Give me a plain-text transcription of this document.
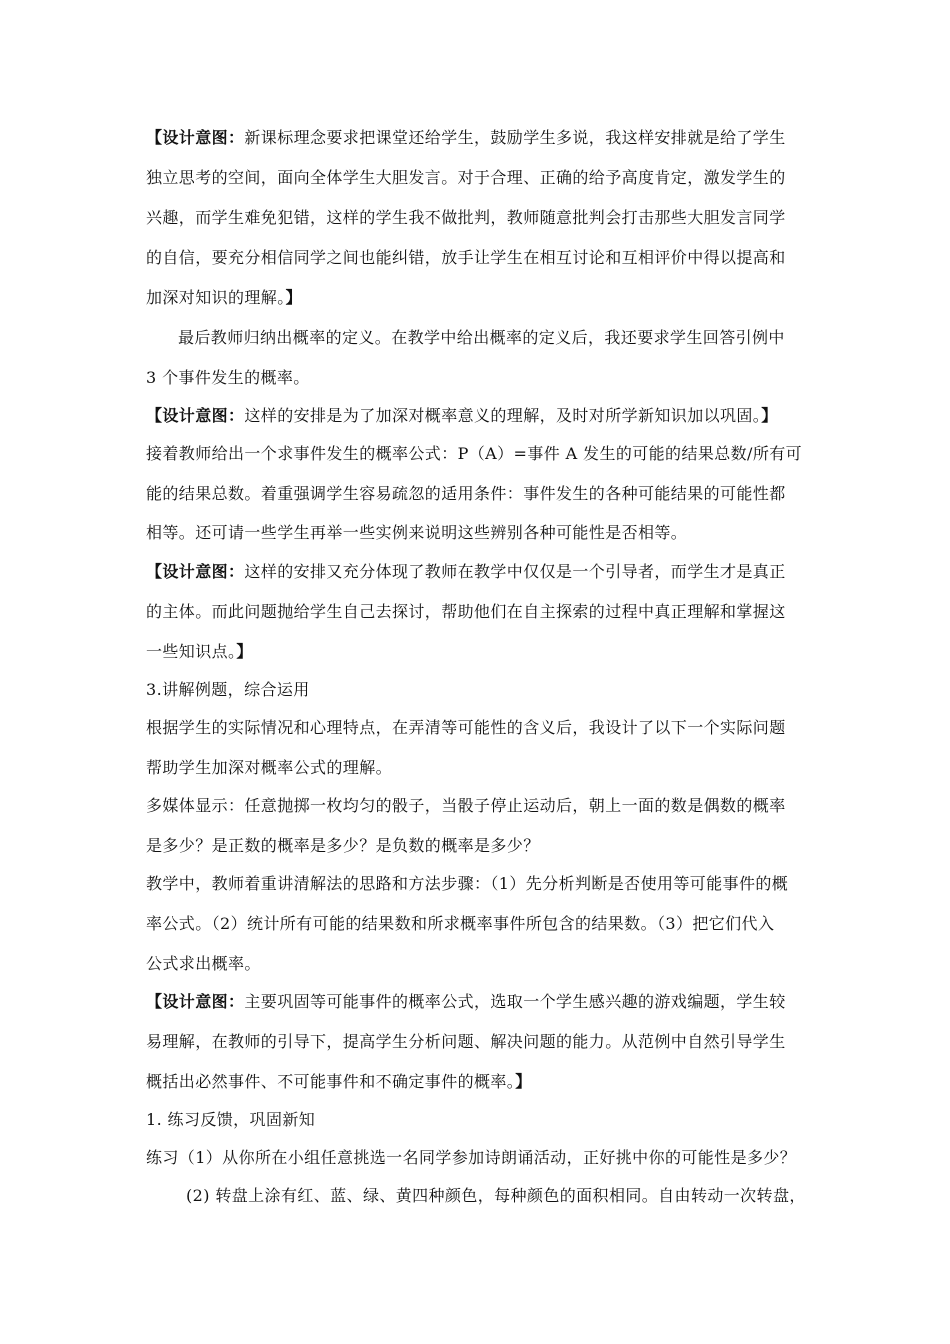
【设计意图：新课标理念要求把课堂还给学生，鼓励学生多说，我这样安排就是给了学生
独立思考的空间，面向全体学生大胆发言。对于合理、正确的给予高度肯定，激发学生的
兴趣，而学生难免犯错，这样的学生我不做批判，教师随意批判会打击那些大胆发言同学
的自信，要充分相信同学之间也能纠错，放手让学生在相互讨论和互相评价中得以提高和
加深对知识的理解。】
最后教师归纳出概率的定义。在教学中给出概率的定义后，我还要求学生回答引例中
3 个事件发生的概率。
【设计意图：这样的安排是为了加深对概率意义的理解，及时对所学新知识加以巩固。】
接着教师给出一个求事件发生的概率公式：P（A）=事件 A 发生的可能的结果总数/所有可
能的结果总数。着重强调学生容易疏忽的适用条件：事件发生的各种可能结果的可能性都
相等。还可请一些学生再举一些实例来说明这些辨别各种可能性是否相等。
【设计意图：这样的安排又充分体现了教师在教学中仅仅是一个引导者，而学生才是真正
的主体。而此问题抛给学生自己去探讨，帮助他们在自主探索的过程中真正理解和掌握这
一些知识点。】
3.讲解例题，综合运用
根据学生的实际情况和心理特点，在弄清等可能性的含义后，我设计了以下一个实际问题
帮助学生加深对概率公式的理解。
多媒体显示：任意抛掷一枚均匀的骰子，当骰子停止运动后，朝上一面的数是偶数的概率
是多少？是正数的概率是多少？是负数的概率是多少？
教学中，教师着重讲清解法的思路和方法步骤：（1）先分析判断是否使用等可能事件的概
率公式。（2）统计所有可能的结果数和所求概率事件所包含的结果数。（3）把它们代入
公式求出概率。
【设计意图：主要巩固等可能事件的概率公式，选取一个学生感兴趣的游戏编题，学生较
易理解，在教师的引导下，提高学生分析问题、解决问题的能力。从范例中自然引导学生
概括出必然事件、不可能事件和不确定事件的概率。】
1. 练习反馈，巩固新知
练习（1）从你所在小组任意挑选一名同学参加诗朗诵活动，正好挑中你的可能性是多少？
(2) 转盘上涂有红、蓝、绿、黄四种颜色，每种颜色的面积相同。自由转动一次转盘，
